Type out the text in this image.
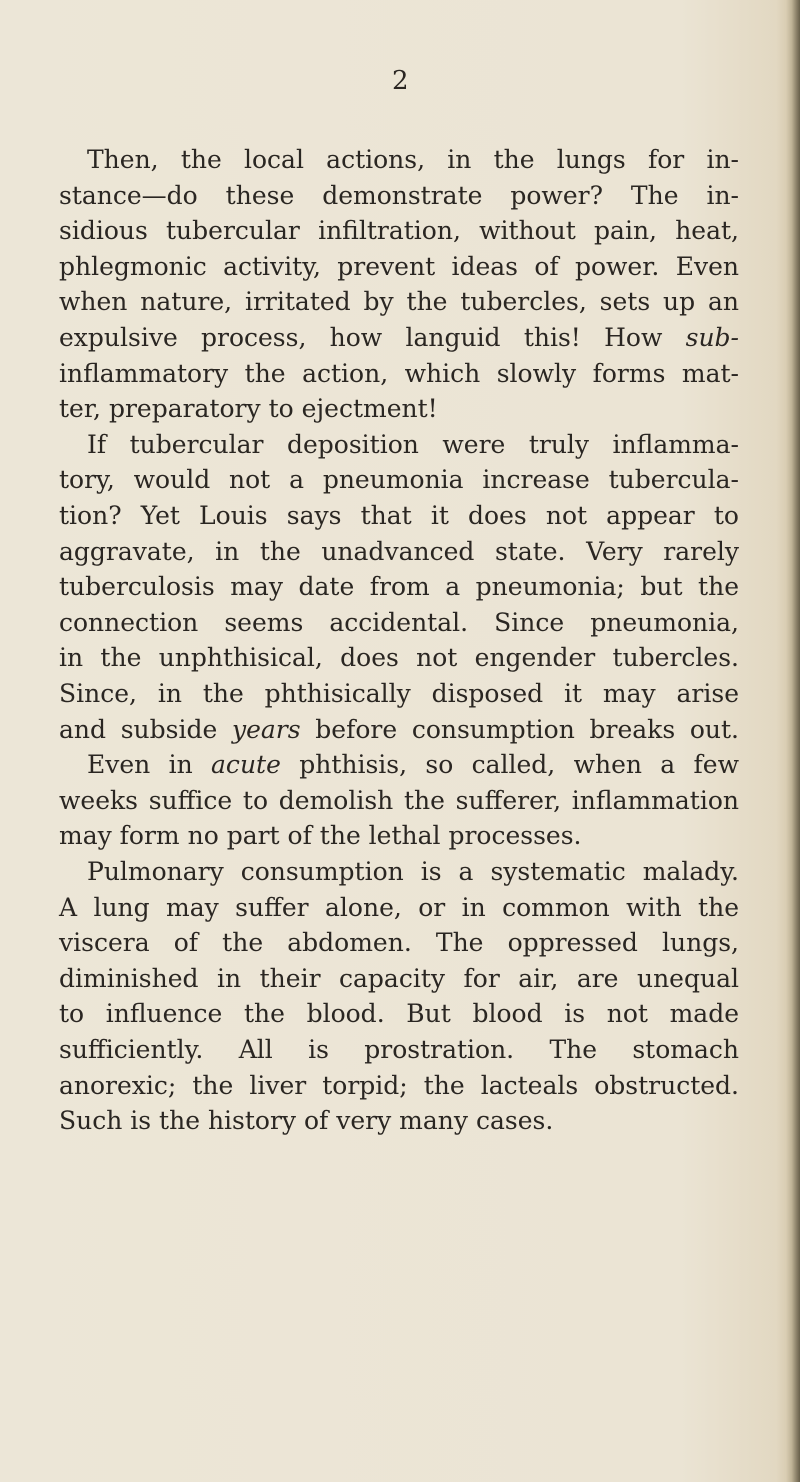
2
Then, the local actions, in the lungs for in-
stance—do these demonstrate power? The in-
sidious tubercular infiltration, without pain, heat,
phlegmonic activity, prevent ideas of power. Even
when nature, irritated by the tubercles, sets up an
expulsive process, how languid this! How sub-
inflammatory the action, which slowly forms mat-
ter, preparatory to ejectment!
If tubercular deposition were truly inflamma-
tory, would not a pneumonia increase tubercula-
tion? Yet Louis says that it does not appear to
aggravate, in the unadvanced state. Very rarely
tuberculosis may date from a pneumonia; but the
connection seems accidental. Since pneumonia,
in the unphthisical, does not engender tubercles.
Since, in the phthisically disposed it may arise
and subside years before consumption breaks out.
Even in acute phthisis, so called, when a few
weeks suffice to demolish the sufferer, inflammation
may form no part of the lethal processes.
Pulmonary consumption is a systematic malady.
A lung may suffer alone, or in common with the
viscera of the abdomen. The oppressed lungs,
diminished in their capacity for air, are unequal
to influence the blood. But blood is not made
sufficiently. All is prostration. The stomach
anorexic; the liver torpid; the lacteals obstructed.
Such is the history of very many cases.
